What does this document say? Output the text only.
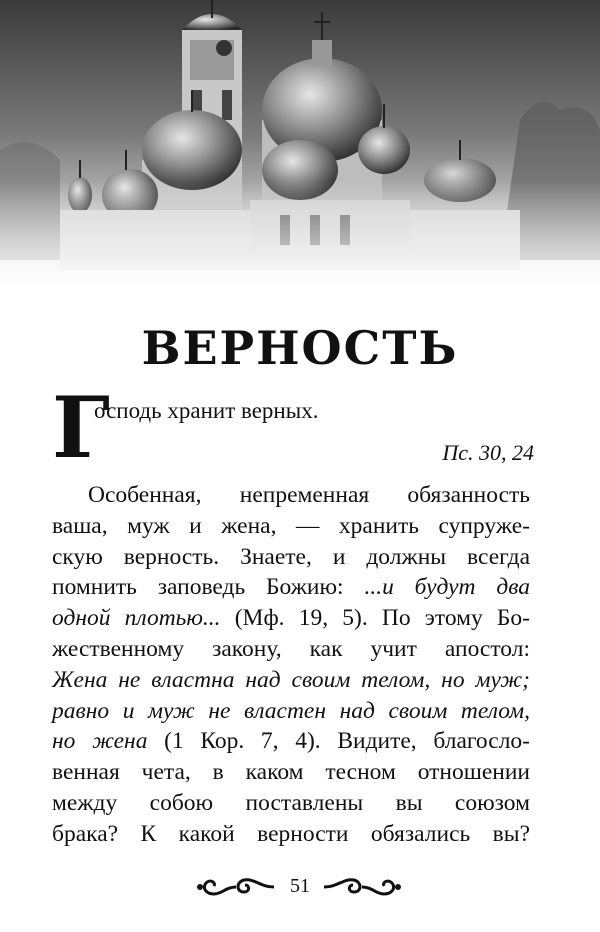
ВЕРНОСТЬ
Г
осподь хранит верных.
Пс. 30, 24
Особенная, непременная обязанность
ваша, муж и жена, — хранить супруже-
скую верность. Знаете, и должны всегда
помнить заповедь Божию: ...и будут два
одной плотью... (Мф. 19, 5). По этому Бо-
жественному закону, как учит апостол:
Жена не властна над своим телом, но муж;
равно и муж не властен над своим телом,
но жена (1 Кор. 7, 4). Видите, благосло-
венная чета, в каком тесном отношении
между собою поставлены вы союзом
брака? К какой верности обязались вы?
51
